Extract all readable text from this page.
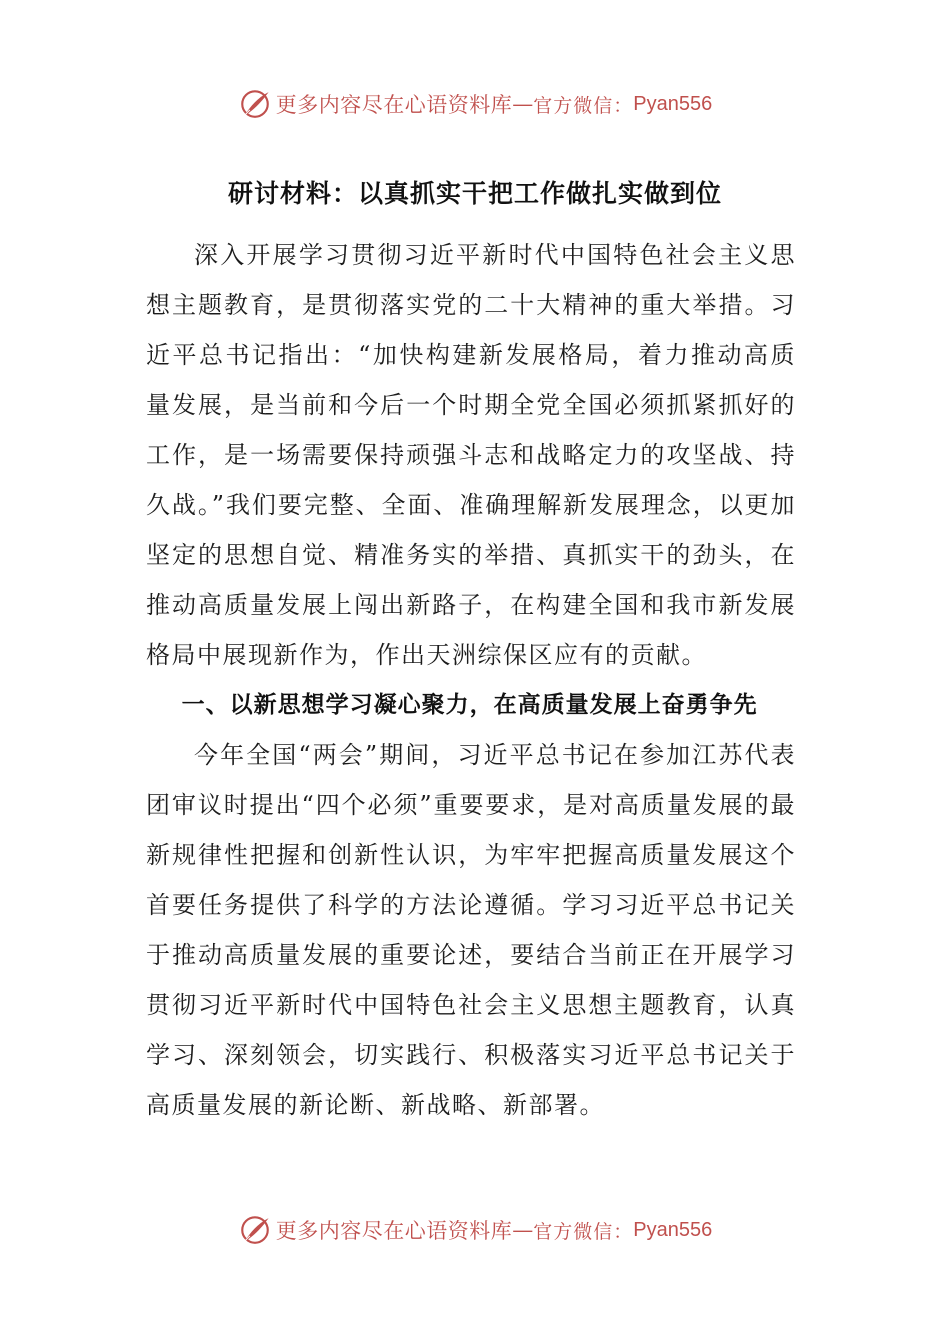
更多内容尽在心语资料库 — 官方微信： Pyan556
研讨材料：以真抓实干把工作做扎实做到位

深入开展学习贯彻习近平新时代中国特色社会主义思想主题教育，是贯彻落实党的二十大精神的重大举措。习近平总书记指出：“加快构建新发展格局，着力推动高质量发展，是当前和今后一个时期全党全国必须抓紧抓好的工作，是一场需要保持顽强斗志和战略定力的攻坚战、持久战。”我们要完整、全面、准确理解新发展理念，以更加坚定的思想自觉、精准务实的举措、真抓实干的劲头，在推动高质量发展上闯出新路子，在构建全国和我市新发展格局中展现新作为，作出天洲综保区应有的贡献。

一、以新思想学习凝心聚力，在高质量发展上奋勇争先

今年全国“两会”期间，习近平总书记在参加江苏代表团审议时提出“四个必须”重要要求，是对高质量发展的最新规律性把握和创新性认识，为牢牢把握高质量发展这个首要任务提供了科学的方法论遵循。学习习近平总书记关于推动高质量发展的重要论述，要结合当前正在开展学习贯彻习近平新时代中国特色社会主义思想主题教育，认真学习、深刻领会，切实践行、积极落实习近平总书记关于高质量发展的新论断、新战略、新部署。

更多内容尽在心语资料库 — 官方微信： Pyan556
